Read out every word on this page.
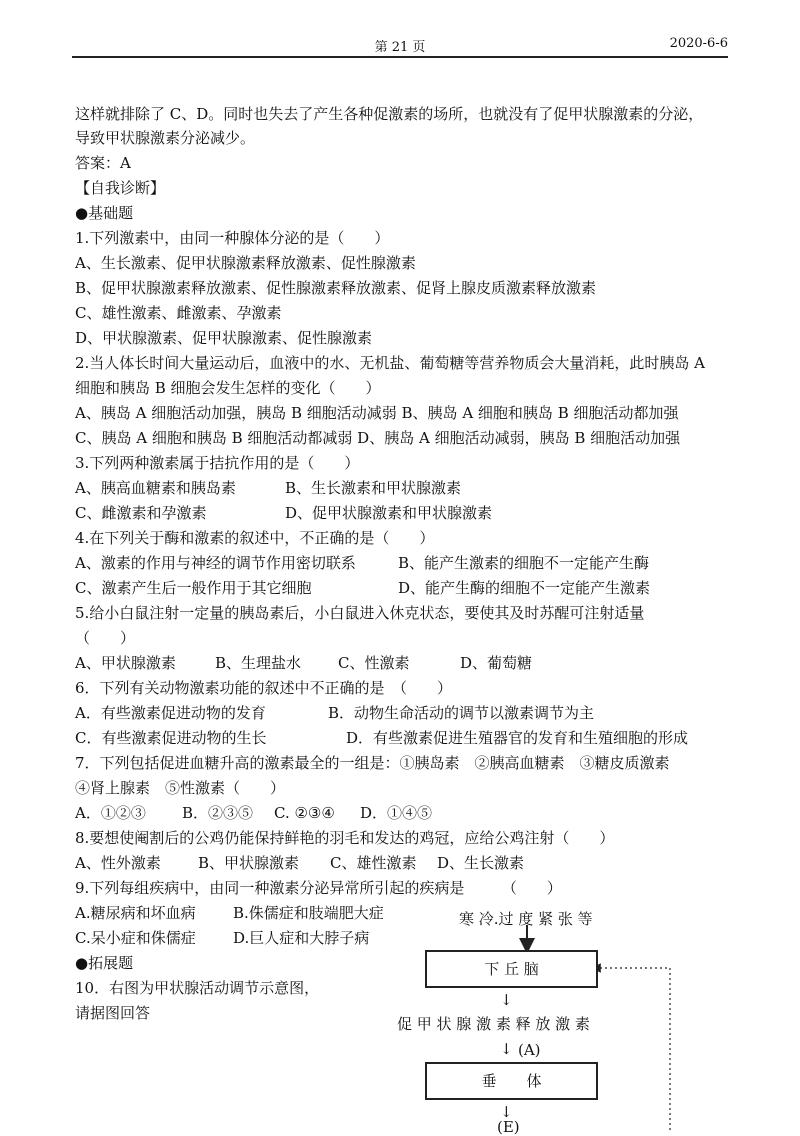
第 21 页	2020-6-6
这样就排除了 C、D。同时也失去了产生各种促激素的场所，也就没有了促甲状腺激素的分泌，
导致甲状腺激素分泌减少。
答案：A
【自我诊断】
●基础题
1.下列激素中，由同一种腺体分泌的是（　　）
A、生长激素、促甲状腺激素释放激素、促性腺激素
B、促甲状腺激素释放激素、促性腺激素释放激素、促肾上腺皮质激素释放激素
C、雄性激素、雌激素、孕激素
D、甲状腺激素、促甲状腺激素、促性腺激素
2.当人体长时间大量运动后，血液中的水、无机盐、葡萄糖等营养物质会大量消耗，此时胰岛 A
细胞和胰岛 B 细胞会发生怎样的变化（　　）
A、胰岛 A 细胞活动加强，胰岛 B 细胞活动减弱 B、胰岛 A 细胞和胰岛 B 细胞活动都加强
C、胰岛 A 细胞和胰岛 B 细胞活动都减弱 D、胰岛 A 细胞活动减弱，胰岛 B 细胞活动加强
3.下列两种激素属于拮抗作用的是（　　）
A、胰高血糖素和胰岛素	B、生长激素和甲状腺激素
C、雌激素和孕激素	D、促甲状腺激素和甲状腺激素
4.在下列关于酶和激素的叙述中，不正确的是（　　）
A、激素的作用与神经的调节作用密切联系	B、能产生激素的细胞不一定能产生酶
C、激素产生后一般作用于其它细胞	D、能产生酶的细胞不一定能产生激素
5.给小白鼠注射一定量的胰岛素后，小白鼠进入休克状态，要使其及时苏醒可注射适量
（　　）
A、甲状腺激素	B、生理盐水 C、性激素	D、葡萄糖
6．下列有关动物激素功能的叙述中不正确的是　（　　）
A．有些激素促进动物的发育	B．动物生命活动的调节以激素调节为主
C．有些激素促进动物的生长	D．有些激素促进生殖器官的发育和生殖细胞的形成
7．下列包括促进血糖升高的激素最全的一组是：①胰岛素　②胰高血糖素　③糖皮质激素
④肾上腺素　⑤性激素（　　）
A．①②③ B．②③⑤ C. ②③④ D．①④⑤
8.要想使阉割后的公鸡仍能保持鲜艳的羽毛和发达的鸡冠，应给公鸡注射（　　）
A、性外激素 B、甲状腺激素 C、雄性激素 D、生长激素
9.下列每组疾病中，由同一种激素分泌异常所引起的疾病是　　　（　　）
A.糖尿病和坏血病 B.侏儒症和肢端肥大症
C.呆小症和侏儒症 D.巨人症和大脖子病
●拓展题
10．右图为甲状腺活动调节示意图，
请据图回答
寒 冷.过 度 紧 张 等
下 丘 脑
↓
促 甲 状 腺 激 素 释 放 激 素
↓ (A)
垂　　体
↓
(E)
